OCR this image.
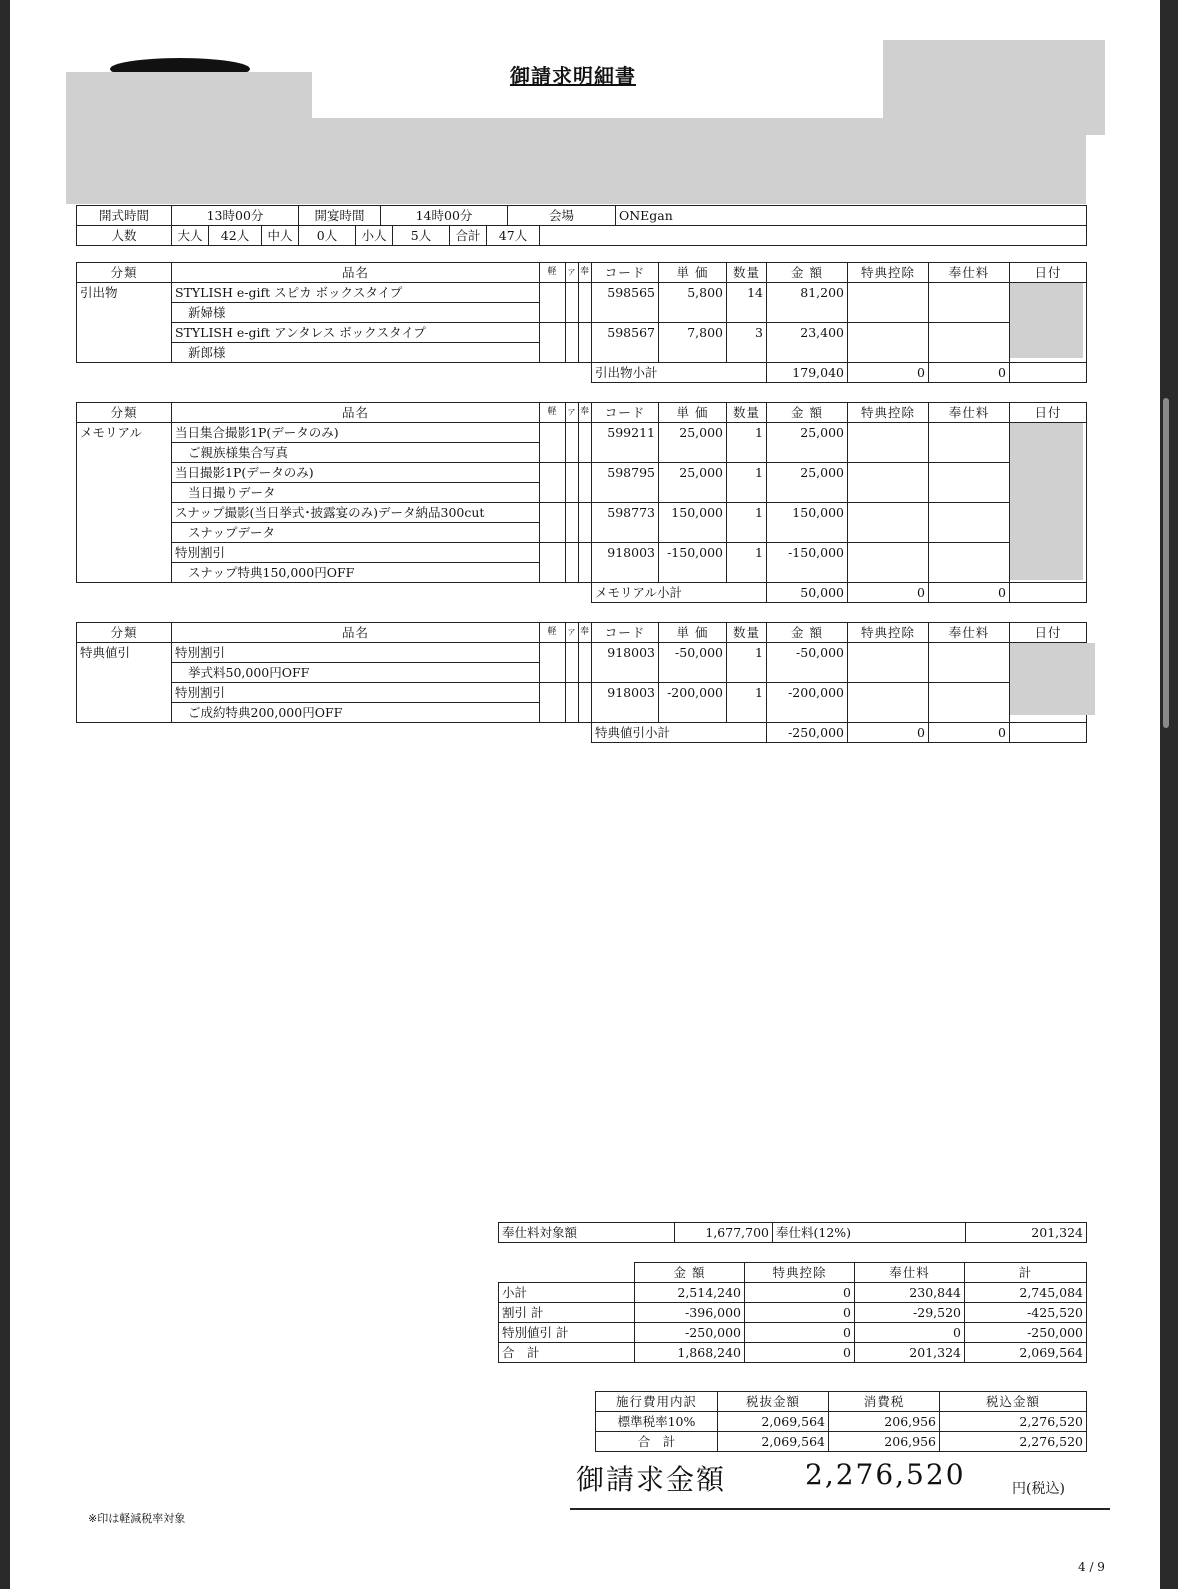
御請求明細書
開式時間	13時00分	開宴時間	14時00分	会場	ONEgan
人数	大人	42人	中人	0人	小人	5人	合計	47人	
分類	品名	軽	ア	奉	コード	単 価	数量	金 額	特典控除	奉仕料	日付
引出物	STYLISH e-gift スピカ ボックスタイプ				598565	5,800	14	81,200			

	新婦様										
	STYLISH e-gift アンタレス ボックスタイプ				598567	7,800	3	23,400			
	新郎様										
					引出物小計			179,040	0	0	
分類	品名	軽	ア	奉	コード	単 価	数量	金 額	特典控除	奉仕料	日付
メモリアル	当日集合撮影1P(データのみ)				599211	25,000	1	25,000			

	ご親族様集合写真										
	当日撮影1P(データのみ)				598795	25,000	1	25,000			
	当日撮りデータ										
	スナップ撮影(当日挙式･披露宴のみ)データ納品300cut				598773	150,000	1	150,000			
	スナップデータ										
	特別割引				918003	-150,000	1	-150,000			
	スナップ特典150,000円OFF										
					メモリアル小計			50,000	0	0	
分類	品名	軽	ア	奉	コード	単 価	数量	金 額	特典控除	奉仕料	日付
特典値引	特別割引				918003	-50,000	1	-50,000			

	挙式料50,000円OFF										
	特別割引				918003	-200,000	1	-200,000			
	ご成約特典200,000円OFF										
					特典値引小計			-250,000	0	0	
奉仕料対象額	1,677,700	奉仕料(12%)	201,324
	金 額	特典控除	奉仕料	計
小計	2,514,240	0	230,844	2,745,084
割引 計	-396,000	0	-29,520	-425,520
特別値引 計	-250,000	0	0	-250,000
合　計	1,868,240	0	201,324	2,069,564
施行費用内訳	税抜金額	消費税	税込金額
標準税率10%	2,069,564	206,956	2,276,520
合　計	2,069,564	206,956	2,276,520
御請求金額	2,276,520	円(税込)
※印は軽減税率対象
4 / 9
